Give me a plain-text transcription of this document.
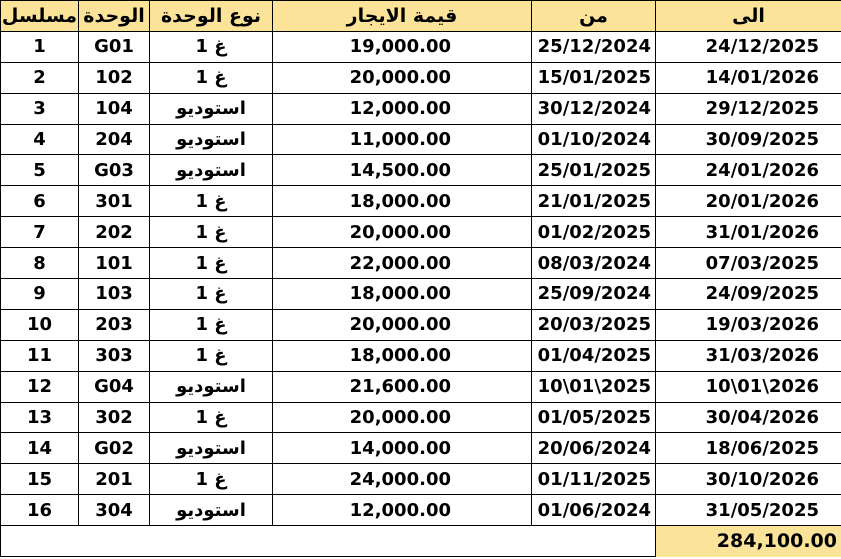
مسلسل	الوحدة	نوع الوحدة	قيمة الايجار	من	الى
1	G01	غ 1	19,000.00	25/12/2024	24/12/2025
2	102	غ 1	20,000.00	15/01/2025	14/01/2026
3	104	استوديو	12,000.00	30/12/2024	29/12/2025
4	204	استوديو	11,000.00	01/10/2024	30/09/2025
5	G03	استوديو	14,500.00	25/01/2025	24/01/2026
6	301	غ 1	18,000.00	21/01/2025	20/01/2026
7	202	غ 1	20,000.00	01/02/2025	31/01/2026
8	101	غ 1	22,000.00	08/03/2024	07/03/2025
9	103	غ 1	18,000.00	25/09/2024	24/09/2025
10	203	غ 1	20,000.00	20/03/2025	19/03/2026
11	303	غ 1	18,000.00	01/04/2025	31/03/2026
12	G04	استوديو	21,600.00	10\01\2025	10\01\2026
13	302	غ 1	20,000.00	01/05/2025	30/04/2026
14	G02	استوديو	14,000.00	20/06/2024	18/06/2025
15	201	غ 1	24,000.00	01/11/2025	30/10/2026
16	304	استوديو	12,000.00	01/06/2024	31/05/2025
					284,100.00
